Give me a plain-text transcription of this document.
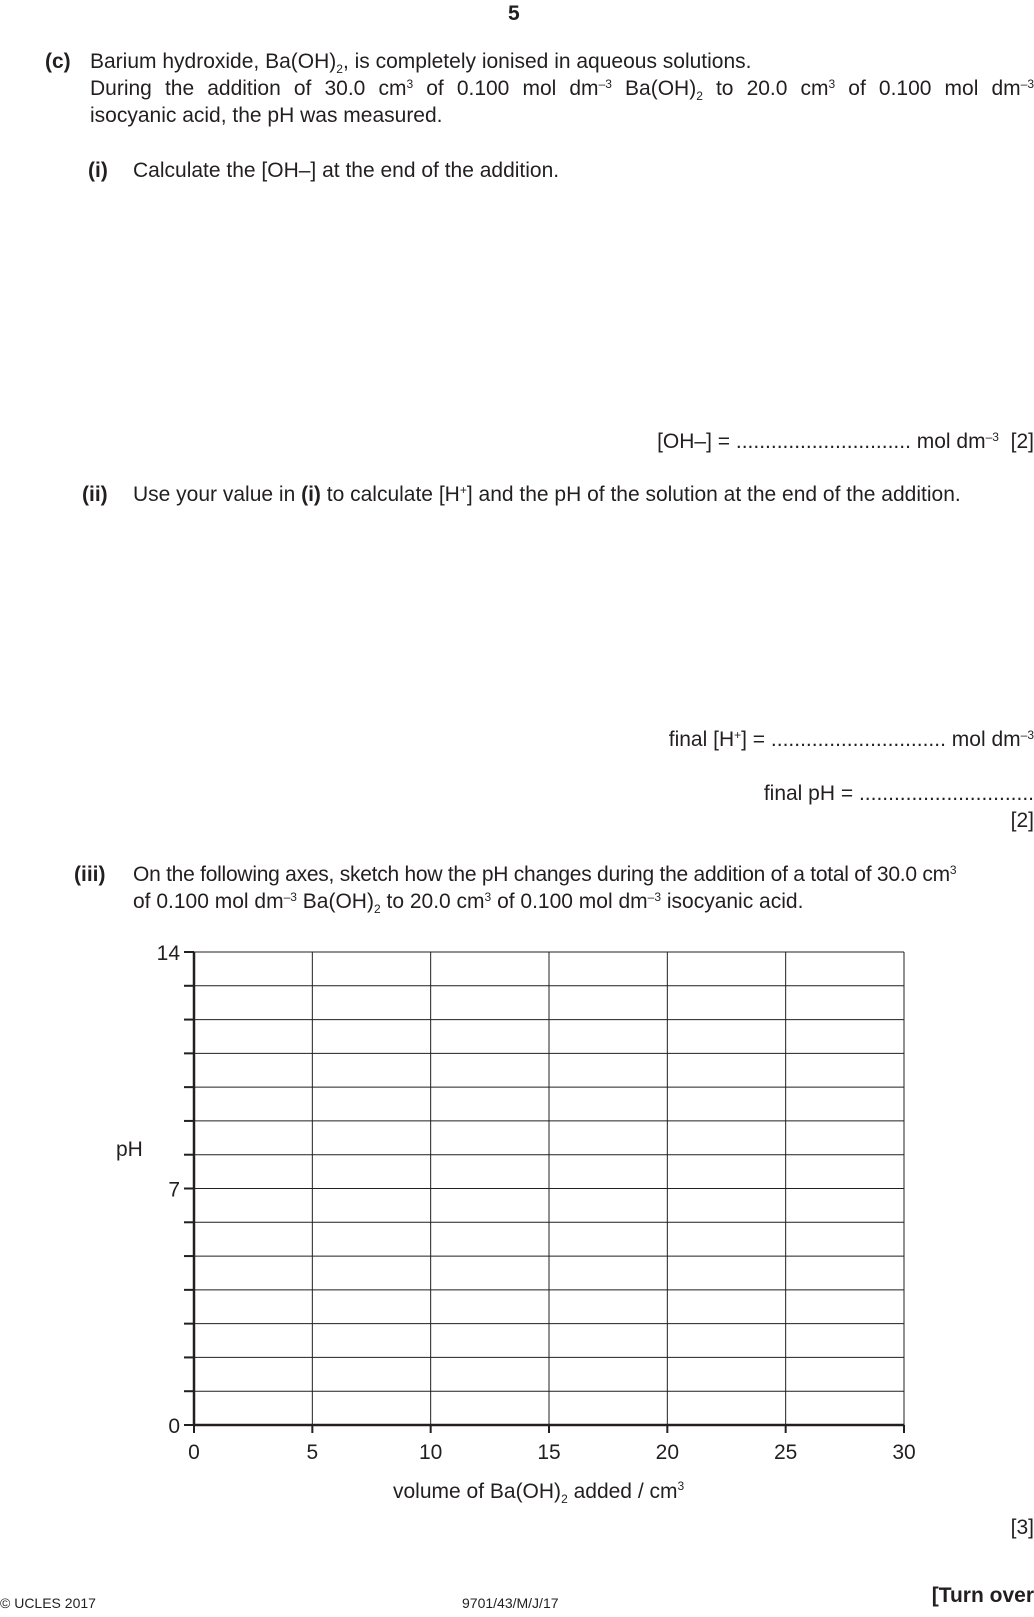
5
(c) Barium hydroxide, $Ba(OH)_2$, is completely ionised in aqueous solutions.
During the addition of 30.0 $cm^3$ of 0.100 mol $dm^{-3}$ $Ba(OH)_2$ to 20.0 $cm^3$ of 0.100 mol $dm^{-3}$
isocyanic acid, the pH was measured.
(i) Calculate the [OH–] at the end of the addition.
[OH–] = .............................. mol $dm^{-3}$ [2]
(ii) Use your value in (i) to calculate [H+] and the pH of the solution at the end of the addition.
final [H+] = .............................. mol $dm^{-3}$
final pH = ..............................
[2]
(iii) On the following axes, sketch how the pH changes during the addition of a total of 30.0 $cm^3$
of 0.100 mol $dm^{-3}$ $Ba(OH)_2$ to 20.0 $cm^3$ of 0.100 mol $dm^{-3}$ isocyanic acid.
0
7
14
0	5	10	15	20	25	30
pH
volume of $Ba(OH)_2$ added / $cm^3$
[3]
© UCLES 2017	9701/43/M/J/17	[Turn over
